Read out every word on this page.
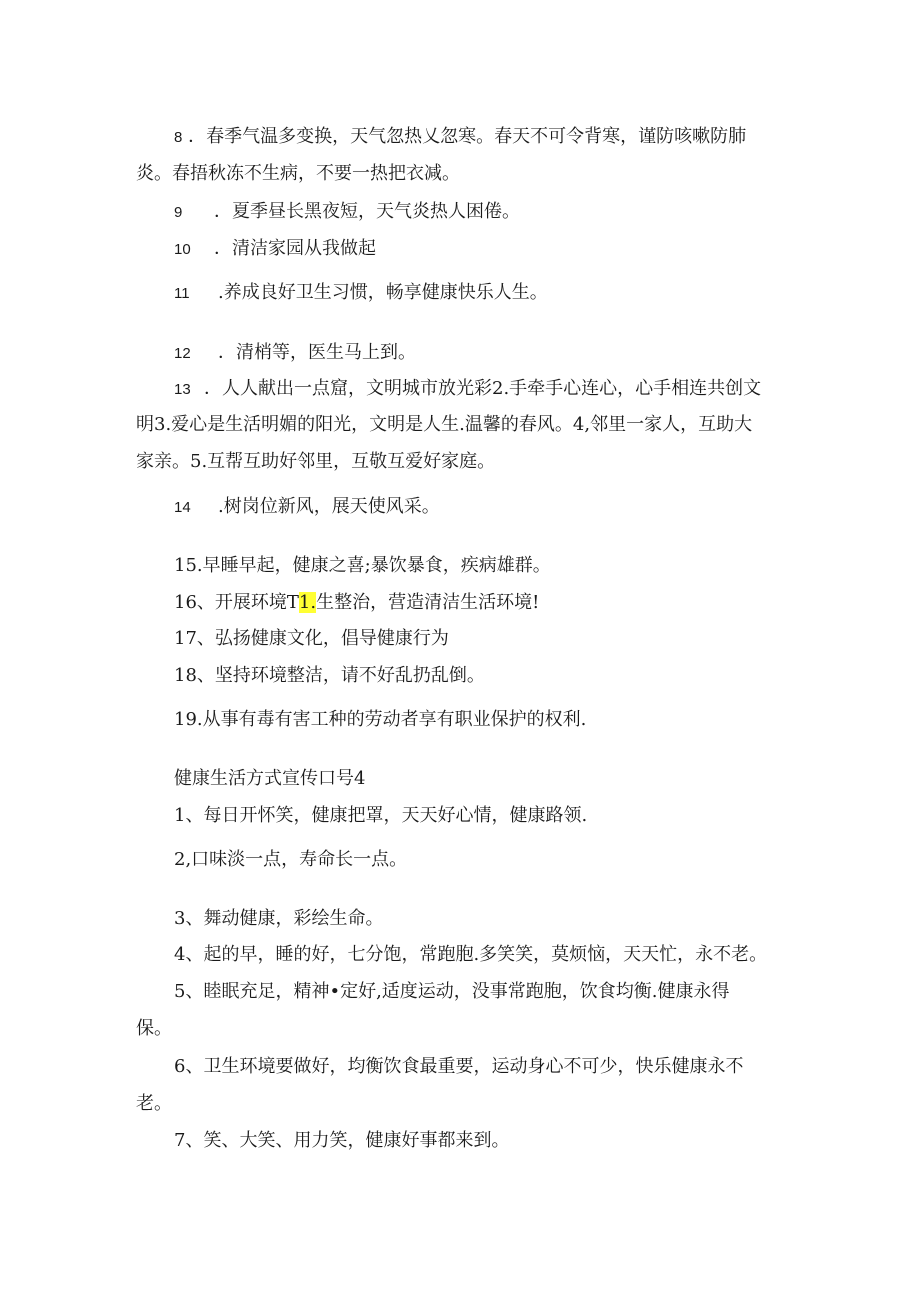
8 ．春季气温多变换，天气忽热乂忽寒。春天不可令背寒，谨防咳嗽防肺
炎。春捂秋冻不生病，不要一热把衣减。
9 ．夏季昼长黑夜短，天气炎热人困倦。
10 ．清洁家园从我做起
11 .养成良好卫生习惯，畅享健康快乐人生。
12 ．清梢等，医生马上到。
13 ．人人献出一点窟，文明城市放光彩2.手牵手心连心，心手相连共创文
明3.爱心是生活明媚的阳光，文明是人生.温馨的春风。4,邻里一家人，互助大
家亲。5.互帮互助好邻里，互敬互爱好家庭。
14 .树岗位新风，展天使风采。
15.早睡早起，健康之喜;暴饮暴食，疾病雄群。
16、开展环境T1.生整治，营造清洁生活环境!
17、弘扬健康文化，倡导健康行为
18、坚持环境整洁，请不好乱扔乱倒。
19.从事有毒有害工种的劳动者享有职业保护的权利.
健康生活方式宣传口号4
1、每日开怀笑，健康把罩，天天好心情，健康路领.
2,口味淡一点，寿命长一点。
3、舞动健康，彩绘生命。
4、起的早，睡的好，七分饱，常跑胞.多笑笑，莫烦恼，天天忙，永不老。
5、睦眠充足，精神•定好,适度运动，没事常跑胞，饮食均衡.健康永得
保。
6、卫生环境要做好，均衡饮食最重要，运动身心不可少，快乐健康永不
老。
7、笑、大笑、用力笑，健康好事都来到。
